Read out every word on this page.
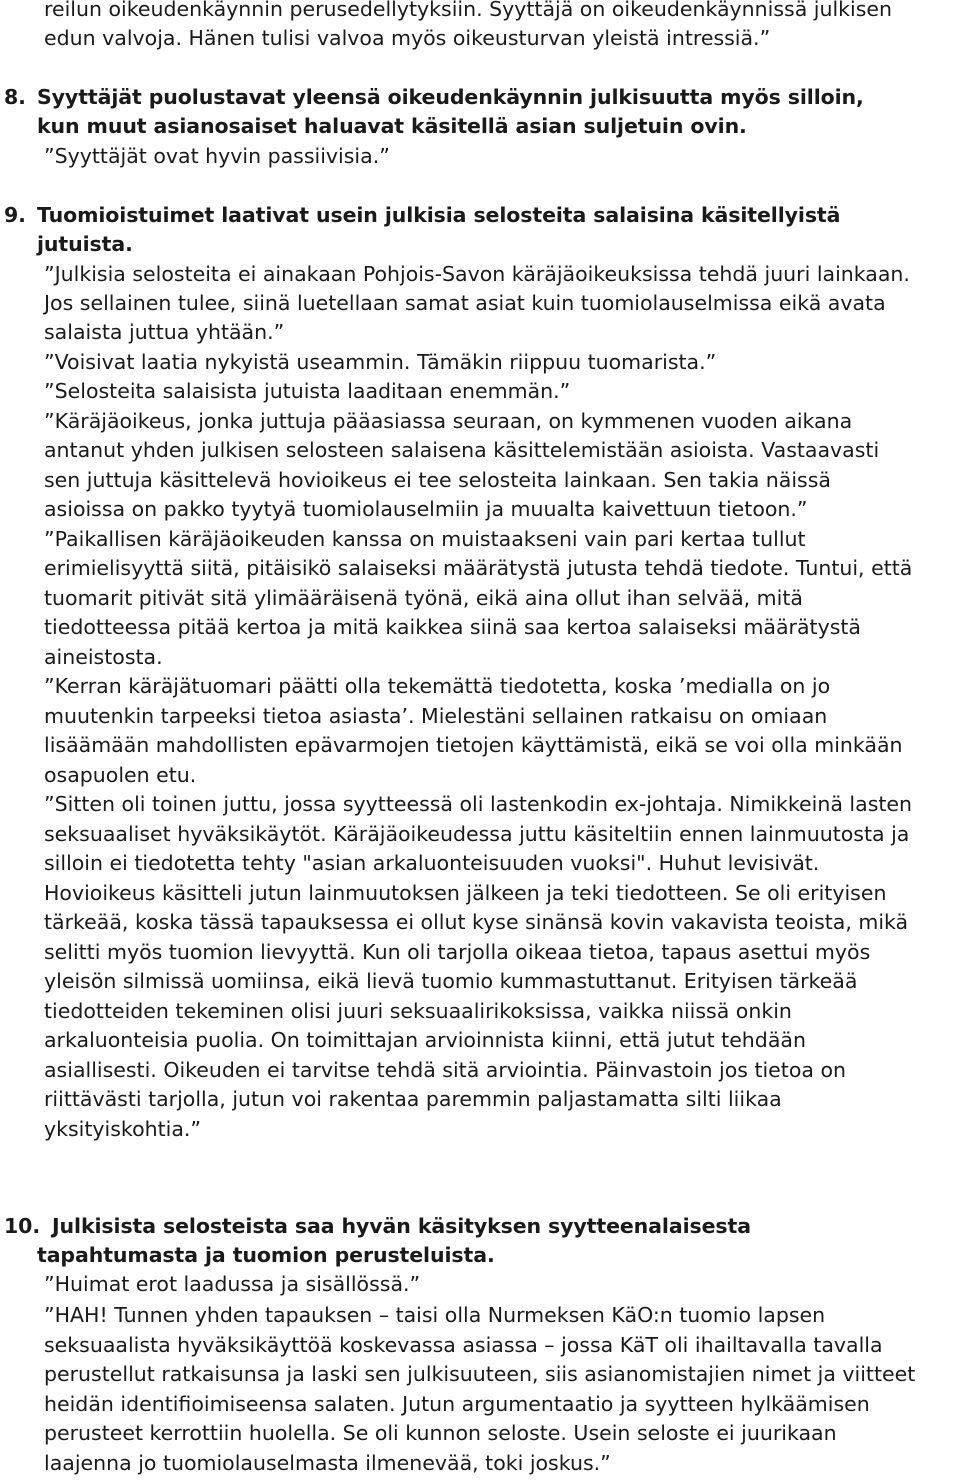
reilun oikeudenkäynnin perusedellytyksiin. Syyttäjä on oikeudenkäynnissä julkisen
edun valvoja. Hänen tulisi valvoa myös oikeusturvan yleistä intressiä.”
8. Syyttäjät puolustavat yleensä oikeudenkäynnin julkisuutta myös silloin,
kun muut asianosaiset haluavat käsitellä asian suljetuin ovin.
”Syyttäjät ovat hyvin passiivisia.”
9. Tuomioistuimet laativat usein julkisia selosteita salaisina käsitellyistä
jutuista.
”Julkisia selosteita ei ainakaan Pohjois-Savon käräjäoikeuksissa tehdä juuri lainkaan.
Jos sellainen tulee, siinä luetellaan samat asiat kuin tuomiolauselmissa eikä avata
salaista juttua yhtään.”
”Voisivat laatia nykyistä useammin. Tämäkin riippuu tuomarista.”
”Selosteita salaisista jutuista laaditaan enemmän.”
”Käräjäoikeus, jonka juttuja pääasiassa seuraan, on kymmenen vuoden aikana
antanut yhden julkisen selosteen salaisena käsittelemistään asioista. Vastaavasti
sen juttuja käsittelevä hovioikeus ei tee selosteita lainkaan. Sen takia näissä
asioissa on pakko tyytyä tuomiolauselmiin ja muualta kaivettuun tietoon.”
”Paikallisen käräjäoikeuden kanssa on muistaakseni vain pari kertaa tullut
erimielisyyttä siitä, pitäisikö salaiseksi määrätystä jutusta tehdä tiedote. Tuntui, että
tuomarit pitivät sitä ylimääräisenä työnä, eikä aina ollut ihan selvää, mitä
tiedotteessa pitää kertoa ja mitä kaikkea siinä saa kertoa salaiseksi määrätystä
aineistosta.
”Kerran käräjätuomari päätti olla tekemättä tiedotetta, koska ’medialla on jo
muutenkin tarpeeksi tietoa asiasta’. Mielestäni sellainen ratkaisu on omiaan
lisäämään mahdollisten epävarmojen tietojen käyttämistä, eikä se voi olla minkään
osapuolen etu.
”Sitten oli toinen juttu, jossa syytteessä oli lastenkodin ex-johtaja. Nimikkeinä lasten
seksuaaliset hyväksikäytöt. Käräjäoikeudessa juttu käsiteltiin ennen lainmuutosta ja
silloin ei tiedotetta tehty "asian arkaluonteisuuden vuoksi". Huhut levisivät.
Hovioikeus käsitteli jutun lainmuutoksen jälkeen ja teki tiedotteen. Se oli erityisen
tärkeää, koska tässä tapauksessa ei ollut kyse sinänsä kovin vakavista teoista, mikä
selitti myös tuomion lievyyttä. Kun oli tarjolla oikeaa tietoa, tapaus asettui myös
yleisön silmissä uomiinsa, eikä lievä tuomio kummastuttanut. Erityisen tärkeää
tiedotteiden tekeminen olisi juuri seksuaalirikoksissa, vaikka niissä onkin
arkaluonteisia puolia. On toimittajan arvioinnista kiinni, että jutut tehdään
asiallisesti. Oikeuden ei tarvitse tehdä sitä arviointia. Päinvastoin jos tietoa on
riittävästi tarjolla, jutun voi rakentaa paremmin paljastamatta silti liikaa
yksityiskohtia.”
10. Julkisista selosteista saa hyvän käsityksen syytteenalaisesta
tapahtumasta ja tuomion perusteluista.
”Huimat erot laadussa ja sisällössä.”
”HAH! Tunnen yhden tapauksen – taisi olla Nurmeksen KäO:n tuomio lapsen
seksuaalista hyväksikäyttöä koskevassa asiassa – jossa KäT oli ihailtavalla tavalla
perustellut ratkaisunsa ja laski sen julkisuuteen, siis asianomistajien nimet ja viitteet
heidän identifioimiseensa salaten. Jutun argumentaatio ja syytteen hylkäämisen
perusteet kerrottiin huolella. Se oli kunnon seloste. Usein seloste ei juurikaan
laajenna jo tuomiolauselmasta ilmenevää, toki joskus.”
